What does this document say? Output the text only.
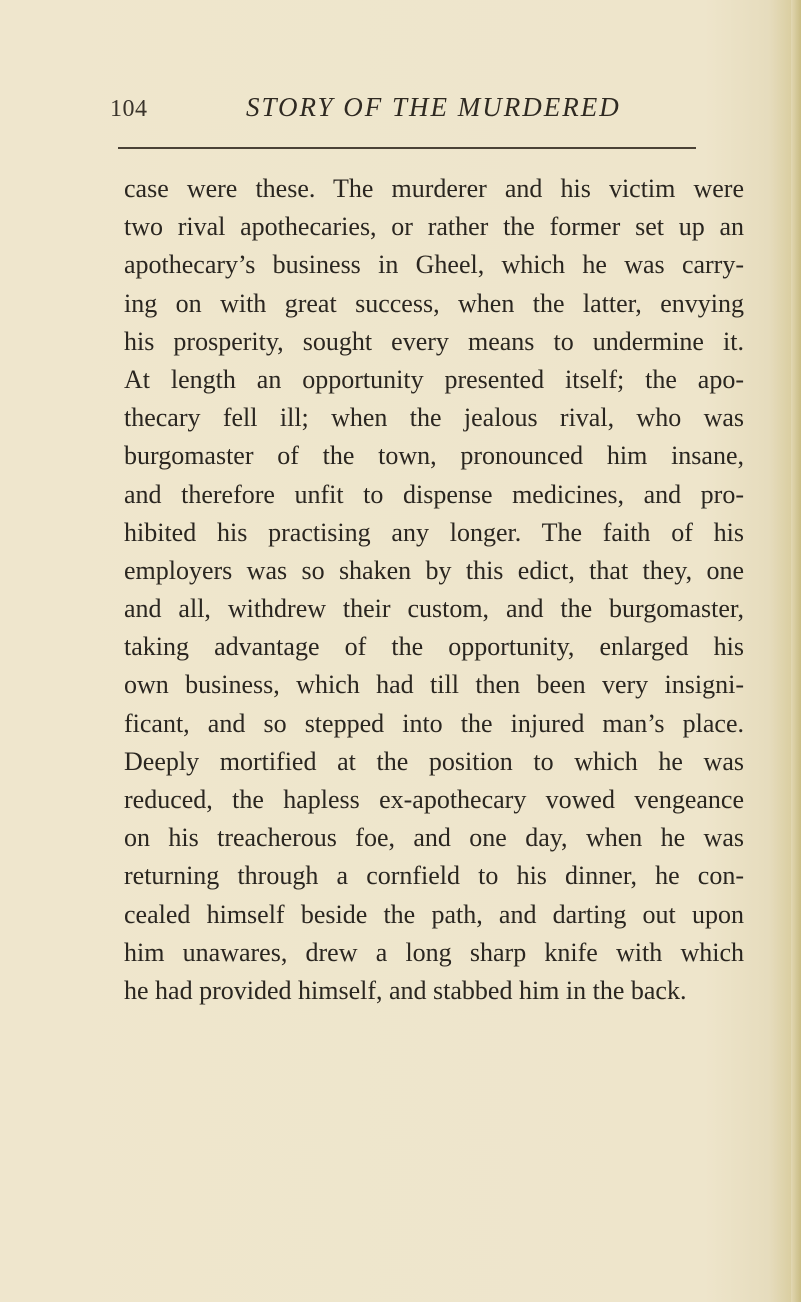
104	STORY OF THE MURDERED
case were these. The murderer and his victim were
two rival apothecaries, or rather the former set up an
apothecary’s business in Gheel, which he was carry-
ing on with great success, when the latter, envying
his prosperity, sought every means to undermine it.
At length an opportunity presented itself; the apo-
thecary fell ill; when the jealous rival, who was
burgomaster of the town, pronounced him insane,
and therefore unfit to dispense medicines, and pro-
hibited his practising any longer. The faith of his
employers was so shaken by this edict, that they, one
and all, withdrew their custom, and the burgomaster,
taking advantage of the opportunity, enlarged his
own business, which had till then been very insigni-
ficant, and so stepped into the injured man’s place.
Deeply mortified at the position to which he was
reduced, the hapless ex-apothecary vowed vengeance
on his treacherous foe, and one day, when he was
returning through a cornfield to his dinner, he con-
cealed himself beside the path, and darting out upon
him unawares, drew a long sharp knife with which
he had provided himself, and stabbed him in the back.
